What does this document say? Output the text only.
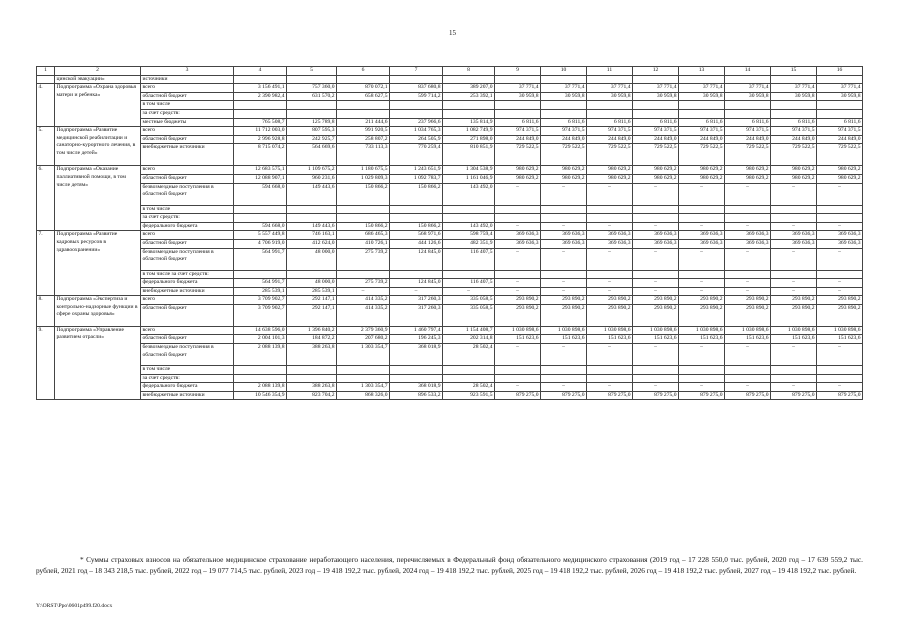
15
1	2	3	4	5	6	7	8	9	10	11	12	13	14	15	16
	цинской эвакуации»	источники													
4.	Подпрограмма «Охрана здоровья матери и ребенка»	всего	3 156 491,1	757 360,0	870 072,1	837 680,8	389 207,0	37 771,4	37 771,4	37 771,4	37 771,4	37 771,4	37 771,4	37 771,4	37 771,4
		областной бюджет	2 390 982,4	631 570,2	658 627,5	599 714,2	253 392,1	30 959,8	30 959,8	30 959,8	30 959,8	30 959,8	30 959,8	30 959,8	30 959,8
		в том числе													
		за счет средств:													
		местные бюджеты	765 508,7	125 789,8	211 444,6	237 966,6	135 814,9	6 811,6	6 811,6	6 811,6	6 811,6	6 811,6	6 811,6	6 811,6	6 811,6
5.	Подпрограмма «Развитие медицинской реабилитации и санаторно-курортного лечения, в том числе детей»	всего	11 712 003,0	807 595,3	991 920,5	1 034 765,3	1 082 749,9	974 371,5	974 371,5	974 371,5	974 371,5	974 371,5	974 371,5	974 371,5	974 371,5
		областной бюджет	2 996 928,8	242 925,7	258 807,2	264 505,9	271 898,0	244 849,0	244 849,0	244 849,0	244 849,0	244 849,0	244 849,0	244 849,0	244 849,0
		внебюджетные источники	8 715 074,2	564 669,6	733 113,3	770 259,4	810 851,9	729 522,5	729 522,5	729 522,5	729 522,5	729 522,5	729 522,5	729 522,5	729 522,5
6.	Подпрограмма «Оказание паллиативной помощи, в том числе детям»	всего	12 683 575,1	1 109 675,2	1 180 675,5	1 243 651,9	1 304 538,9	980 629,2	980 629,2	980 629,2	980 629,2	980 629,2	980 629,2	980 629,2	980 629,2
		областной бюджет	12 088 907,1	960 231,6	1 029 809,3	1 092 783,7	1 161 046,9	980 629,2	980 629,2	980 629,2	980 629,2	980 629,2	980 629,2	980 629,2	980 629,2
		безвозмездные поступления в областной бюджет	594 668,0	149 443,6	150 866,2	150 866,2	143 492,0	–	–	–	–	–	–	–	–
		в том числе													
		за счет средств:													
		федерального бюджета	594 668,0	149 443,6	150 866,2	150 866,2	143 492,0	–	–	–	–	–	–	–	–
7.	Подпрограмма «Развитие кадровых ресурсов в здравоохранении»	всего	5 557 449,8	746 163,1	686 465,3	568 971,6	598 759,4	369 636,3	369 636,3	369 636,3	369 636,3	369 636,3	369 636,3	369 636,3	369 636,3
		областной бюджет	4 706 919,0	412 624,0	410 726,1	444 126,6	482 351,9	369 636,3	369 636,3	369 636,3	369 636,3	369 636,3	369 636,3	369 636,3	369 636,3
		безвозмездные поступления в областной бюджет	564 991,7	48 000,0	275 739,2	124 845,0	116 407,5	–	–	–	–	–	–	–	–
		в том числе за счет средств:													
		федерального бюджета	564 991,7	48 000,0	275 739,2	124 845,0	116 407,5	–	–	–	–	–	–	–	–
		внебюджетные источники	285 539,1	285 539,1	–	–	–	–	–	–	–	–	–	–	–
8.	Подпрограмма «Экспертиза и контрольно-надзорные функции в сфере охраны здоровья»	всего	3 709 902,7	292 147,1	414 335,2	317 260,3	335 058,5	293 890,2	293 890,2	293 890,2	293 890,2	293 890,2	293 890,2	293 890,2	293 890,2
		областной бюджет	3 709 902,7	292 147,1	414 335,2	317 260,3	335 058,5	293 890,2	293 890,2	293 890,2	293 890,2	293 890,2	293 890,2	293 890,2	293 890,2
9.	Подпрограмма «Управление развитием отрасли»	всего	14 638 596,0	1 396 840,2	2 379 360,9	1 460 797,4	1 154 408,7	1 030 898,6	1 030 898,6	1 030 898,6	1 030 898,6	1 030 898,6	1 030 898,6	1 030 898,6	1 030 898,6
		областной бюджет	2 004 101,3	184 872,2	207 680,2	196 245,3	202 314,8	151 623,6	151 623,6	151 623,6	151 623,6	151 623,6	151 623,6	151 623,6	151 623,6
		безвозмездные поступления в областной бюджет	2 088 139,8	388 263,8	1 303 354,7	368 018,9	28 502,4	–	–	–	–	–	–	–	–
		в том числе													
		за счет средств:													
		федерального бюджета	2 088 139,8	388 263,8	1 303 354,7	368 018,9	28 502,4	–	–	–	–	–	–	–	–
		внебюджетные источники	10 546 354,9	823 704,2	868 326,0	896 533,2	923 591,5	879 275,0	879 275,0	879 275,0	879 275,0	879 275,0	879 275,0	879 275,0	879 275,0
* Суммы страховых взносов на обязательное медицинское страхование неработающего населения, перечисляемых в Федеральный фонд обязательного медицинского страхования (2019 год – 17 228 550,0 тыс. рублей, 2020 год – 17 639 559,2 тыс. рублей, 2021 год – 18 343 218,5 тыс. рублей, 2022 год – 19 077 714,5 тыс. рублей, 2023 год – 19 418 192,2 тыс. рублей, 2024 год – 19 418 192,2 тыс. рублей, 2025 год – 19 418 192,2 тыс. рублей, 2026 год – 19 418 192,2 тыс. рублей, 2027 год – 19 418 192,2 тыс. рублей.
Y:\ORST\Ppo\0601p499.f20.docx
